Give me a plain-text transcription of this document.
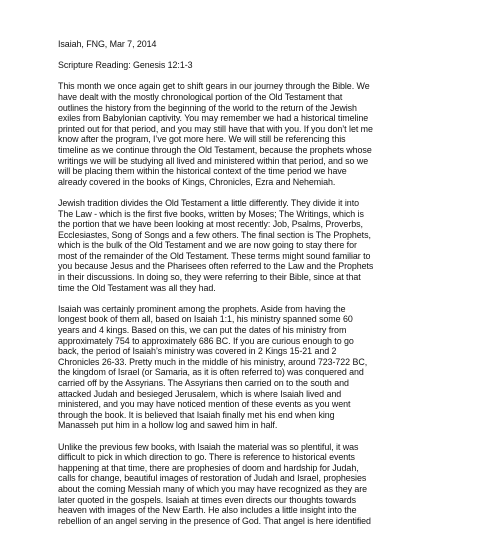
Isaiah, FNG, Mar 7, 2014

Scripture Reading: Genesis 12:1-3

This month we once again get to shift gears in our journey through the Bible. We
have dealt with the mostly chronological portion of the Old Testament that
outlines the history from the beginning of the world to the return of the Jewish
exiles from Babylonian captivity. You may remember we had a historical timeline
printed out for that period, and you may still have that with you. If you don’t let me
know after the program, I’ve got more here. We will still be referencing this
timeline as we continue through the Old Testament, because the prophets whose
writings we will be studying all lived and ministered within that period, and so we
will be placing them within the historical context of the time period we have
already covered in the books of Kings, Chronicles, Ezra and Nehemiah.

Jewish tradition divides the Old Testament a little differently. They divide it into
The Law - which is the first five books, written by Moses; The Writings, which is
the portion that we have been looking at most recently: Job, Psalms, Proverbs,
Ecclesiastes, Song of Songs and a few others. The final section is The Prophets,
which is the bulk of the Old Testament and we are now going to stay there for
most of the remainder of the Old Testament. These terms might sound familiar to
you because Jesus and the Pharisees often referred to the Law and the Prophets
in their discussions. In doing so, they were referring to their Bible, since at that
time the Old Testament was all they had.

Isaiah was certainly prominent among the prophets. Aside from having the
longest book of them all, based on Isaiah 1:1, his ministry spanned some 60
years and 4 kings. Based on this, we can put the dates of his ministry from
approximately 754 to approximately 686 BC. If you are curious enough to go
back, the period of Isaiah’s ministry was covered in 2 Kings 15-21 and 2
Chronicles 26-33. Pretty much in the middle of his ministry, around 723-722 BC,
the kingdom of Israel (or Samaria, as it is often referred to) was conquered and
carried off by the Assyrians. The Assyrians then carried on to the south and
attacked Judah and besieged Jerusalem, which is where Isaiah lived and
ministered, and you may have noticed mention of these events as you went
through the book. It is believed that Isaiah finally met his end when king
Manasseh put him in a hollow log and sawed him in half.

Unlike the previous few books, with Isaiah the material was so plentiful, it was
difficult to pick in which direction to go. There is reference to historical events
happening at that time, there are prophesies of doom and hardship for Judah,
calls for change, beautiful images of restoration of Judah and Israel, prophesies
about the coming Messiah many of which you may have recognized as they are
later quoted in the gospels. Isaiah at times even directs our thoughts towards
heaven with images of the New Earth. He also includes a little insight into the
rebellion of an angel serving in the presence of God. That angel is here identified
